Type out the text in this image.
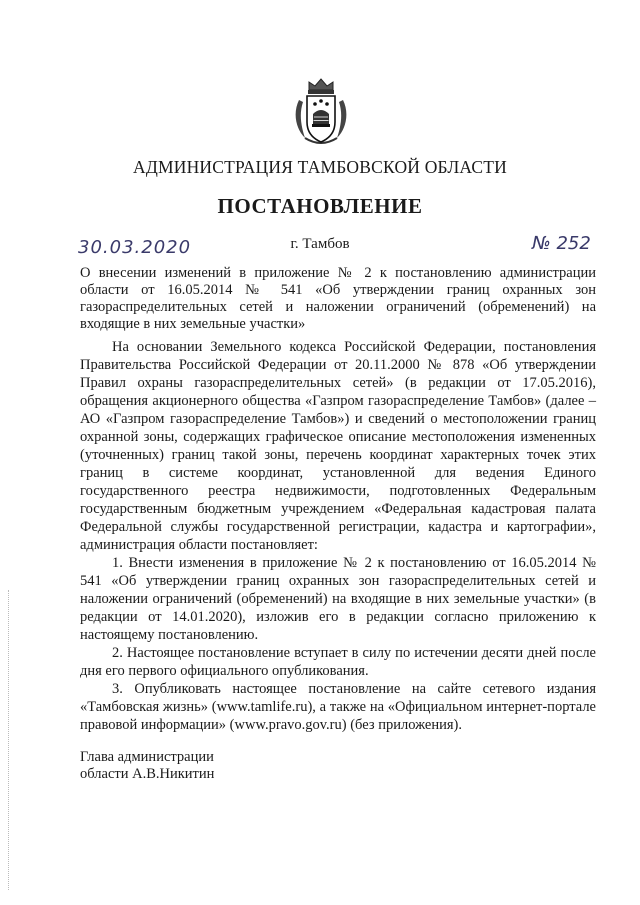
АДМИНИСТРАЦИЯ ТАМБОВСКОЙ ОБЛАСТИ
ПОСТАНОВЛЕНИЕ
30.03.2020	г. Тамбов	№ 252
О внесении изменений в приложение № 2 к постановлению администрации области от 16.05.2014 № 541 «Об утверждении границ охранных зон газораспределительных сетей и наложении ограничений (обременений) на входящие в них земельные участки»

На основании Земельного кодекса Российской Федерации, постановления Правительства Российской Федерации от 20.11.2000 № 878 «Об утверждении Правил охраны газораспределительных сетей» (в редакции от 17.05.2016), обращения акционерного общества «Газпром газораспределение Тамбов» (далее – АО «Газпром газораспределение Тамбов») и сведений о местоположении границ охранной зоны, содержащих графическое описание местоположения измененных (уточненных) границ такой зоны, перечень координат характерных точек этих границ в системе координат, установленной для ведения Единого государственного реестра недвижимости, подготовленных Федеральным государственным бюджетным учреждением «Федеральная кадастровая палата Федеральной службы государственной регистрации, кадастра и картографии», администрация области постановляет:

1. Внести изменения в приложение № 2 к постановлению от 16.05.2014 № 541 «Об утверждении границ охранных зон газораспределительных сетей и наложении ограничений (обременений) на входящие в них земельные участки» (в редакции от 14.01.2020), изложив его в редакции согласно приложению к настоящему постановлению.

2. Настоящее постановление вступает в силу по истечении десяти дней после дня его первого официального опубликования.

3. Опубликовать настоящее постановление на сайте сетевого издания «Тамбовская жизнь» (www.tamlife.ru), а также на «Официальном интернет-портале правовой информации» (www.pravo.gov.ru) (без приложения).

Глава администрации
области А.В.Никитин
